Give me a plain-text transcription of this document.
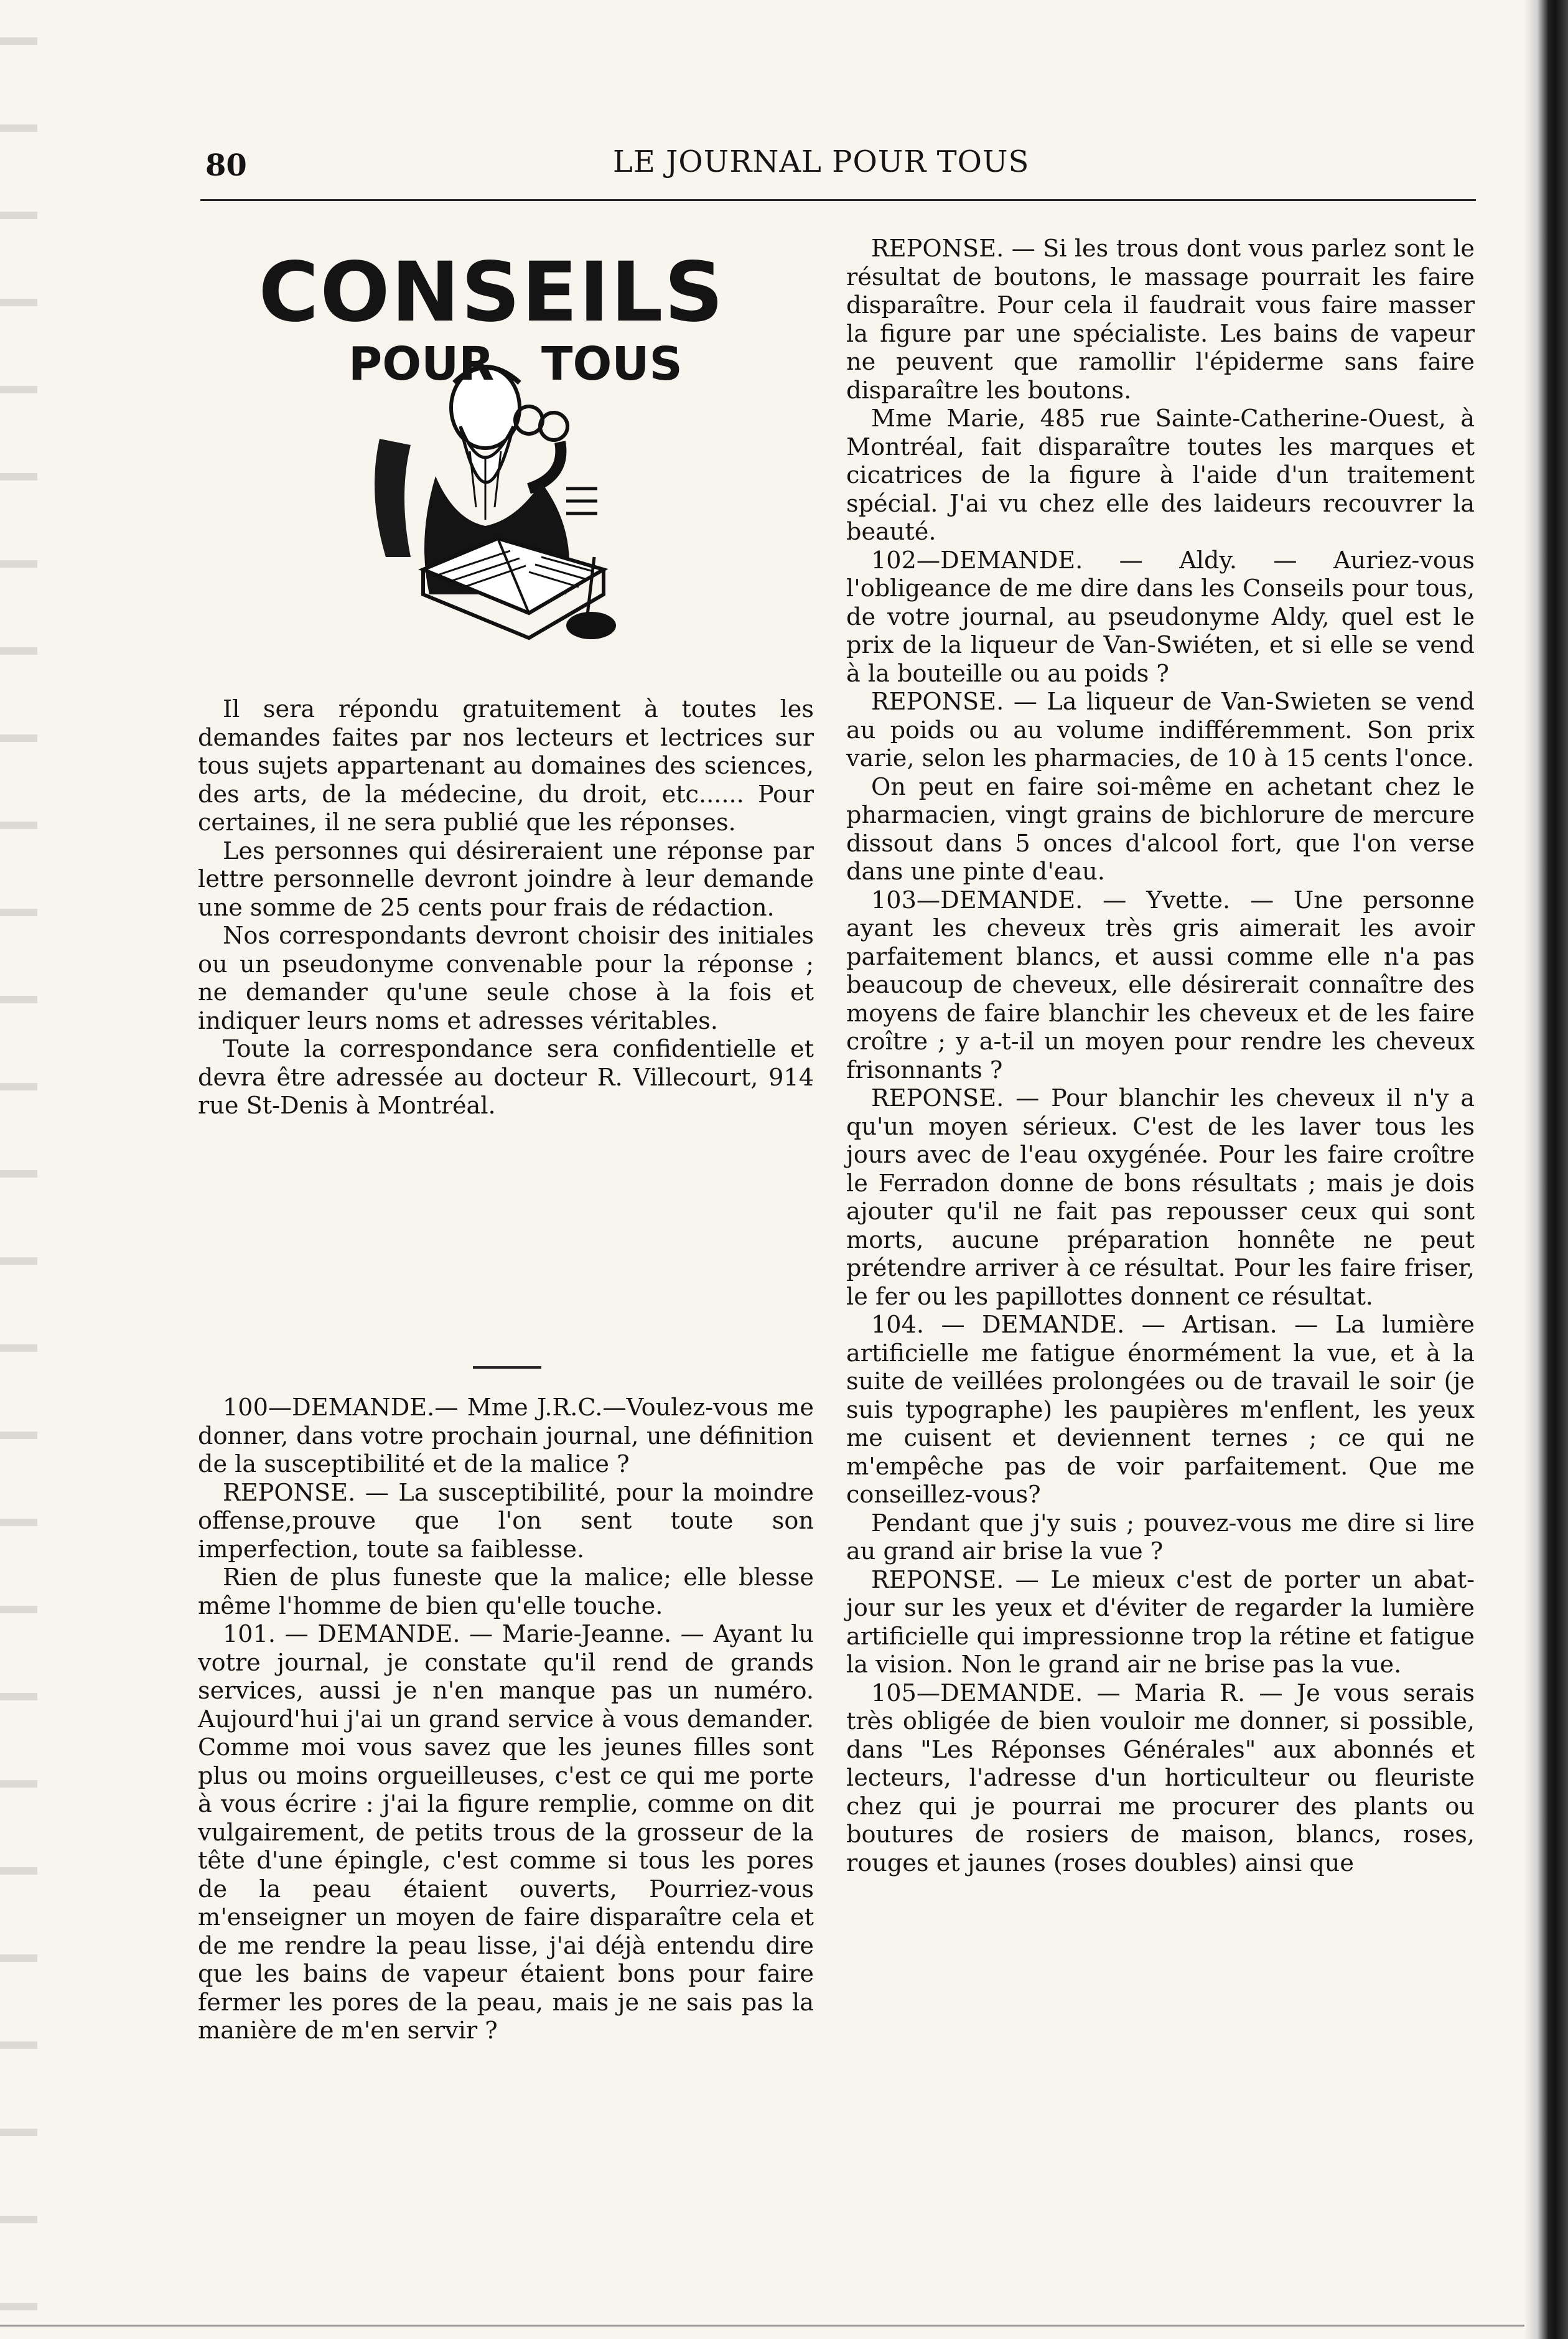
80	LE JOURNAL POUR TOUS
CONSEILS
POUR TOUS

Il sera répondu gratuitement à toutes les demandes faites par nos lecteurs et lectrices sur tous sujets appartenant au domaines des sciences, des arts, de la médecine, du droit, etc...... Pour certaines, il ne sera publié que les réponses.

Les personnes qui désireraient une réponse par lettre personnelle devront joindre à leur demande une somme de 25 cents pour frais de rédaction.

Nos correspondants devront choisir des initiales ou un pseudonyme convenable pour la réponse ; ne demander qu'une seule chose à la fois et indiquer leurs noms et adresses véritables.

Toute la correspondance sera confidentielle et devra être adressée au docteur R. Villecourt, 914 rue St-Denis à Montréal.

100—DEMANDE.— Mme J.R.C.—Voulez-vous me donner, dans votre prochain journal, une définition de la susceptibilité et de la malice ?

REPONSE. — La susceptibilité, pour la moindre offense,prouve que l'on sent toute son imperfection, toute sa faiblesse.

Rien de plus funeste que la malice; elle blesse même l'homme de bien qu'elle touche.

101. — DEMANDE. — Marie-Jeanne. — Ayant lu votre journal, je constate qu'il rend de grands services, aussi je n'en manque pas un numéro. Aujourd'hui j'ai un grand service à vous demander. Comme moi vous savez que les jeunes filles sont plus ou moins orgueilleuses, c'est ce qui me porte à vous écrire : j'ai la figure remplie, comme on dit vulgairement, de petits trous de la grosseur de la tête d'une épingle, c'est comme si tous les pores de la peau étaient ouverts, Pourriez-vous m'enseigner un moyen de faire disparaître cela et de me rendre la peau lisse, j'ai déjà entendu dire que les bains de vapeur étaient bons pour faire fermer les pores de la peau, mais je ne sais pas la manière de m'en servir ?

REPONSE. — Si les trous dont vous parlez sont le résultat de boutons, le massage pourrait les faire disparaître. Pour cela il faudrait vous faire masser la figure par une spécialiste. Les bains de vapeur ne peuvent que ramollir l'épiderme sans faire disparaître les boutons.

Mme Marie, 485 rue Sainte-Catherine-Ouest, à Montréal, fait disparaître toutes les marques et cicatrices de la figure à l'aide d'un traitement spécial. J'ai vu chez elle des laideurs recouvrer la beauté.

102—DEMANDE. — Aldy. — Auriez-vous l'obligeance de me dire dans les Conseils pour tous, de votre journal, au pseudonyme Aldy, quel est le prix de la liqueur de Van-Swiéten, et si elle se vend à la bouteille ou au poids ?

REPONSE. — La liqueur de Van-Swieten se vend au poids ou au volume indifféremment. Son prix varie, selon les pharmacies, de 10 à 15 cents l'once.

On peut en faire soi-même en achetant chez le pharmacien, vingt grains de bichlorure de mercure dissout dans 5 onces d'alcool fort, que l'on verse dans une pinte d'eau.

103—DEMANDE. — Yvette. — Une personne ayant les cheveux très gris aimerait les avoir parfaitement blancs, et aussi comme elle n'a pas beaucoup de cheveux, elle désirerait connaître des moyens de faire blanchir les cheveux et de les faire croître ; y a-t-il un moyen pour rendre les cheveux frisonnants ?

REPONSE. — Pour blanchir les cheveux il n'y a qu'un moyen sérieux. C'est de les laver tous les jours avec de l'eau oxygénée. Pour les faire croître le Ferradon donne de bons résultats ; mais je dois ajouter qu'il ne fait pas repousser ceux qui sont morts, aucune préparation honnête ne peut prétendre arriver à ce résultat. Pour les faire friser, le fer ou les papillottes donnent ce résultat.

104. — DEMANDE. — Artisan. — La lumière artificielle me fatigue énormément la vue, et à la suite de veillées prolongées ou de travail le soir (je suis typographe) les paupières m'enflent, les yeux me cuisent et deviennent ternes ; ce qui ne m'empêche pas de voir parfaitement. Que me conseillez-vous?

Pendant que j'y suis ; pouvez-vous me dire si lire au grand air brise la vue ?

REPONSE. — Le mieux c'est de porter un abat-jour sur les yeux et d'éviter de regarder la lumière artificielle qui impressionne trop la rétine et fatigue la vision. Non le grand air ne brise pas la vue.

105—DEMANDE. — Maria R. — Je vous serais très obligée de bien vouloir me donner, si possible, dans "Les Réponses Générales" aux abonnés et lecteurs, l'adresse d'un horticulteur ou fleuriste chez qui je pourrai me procurer des plants ou boutures de rosiers de maison, blancs, roses, rouges et jaunes (roses doubles) ainsi que
